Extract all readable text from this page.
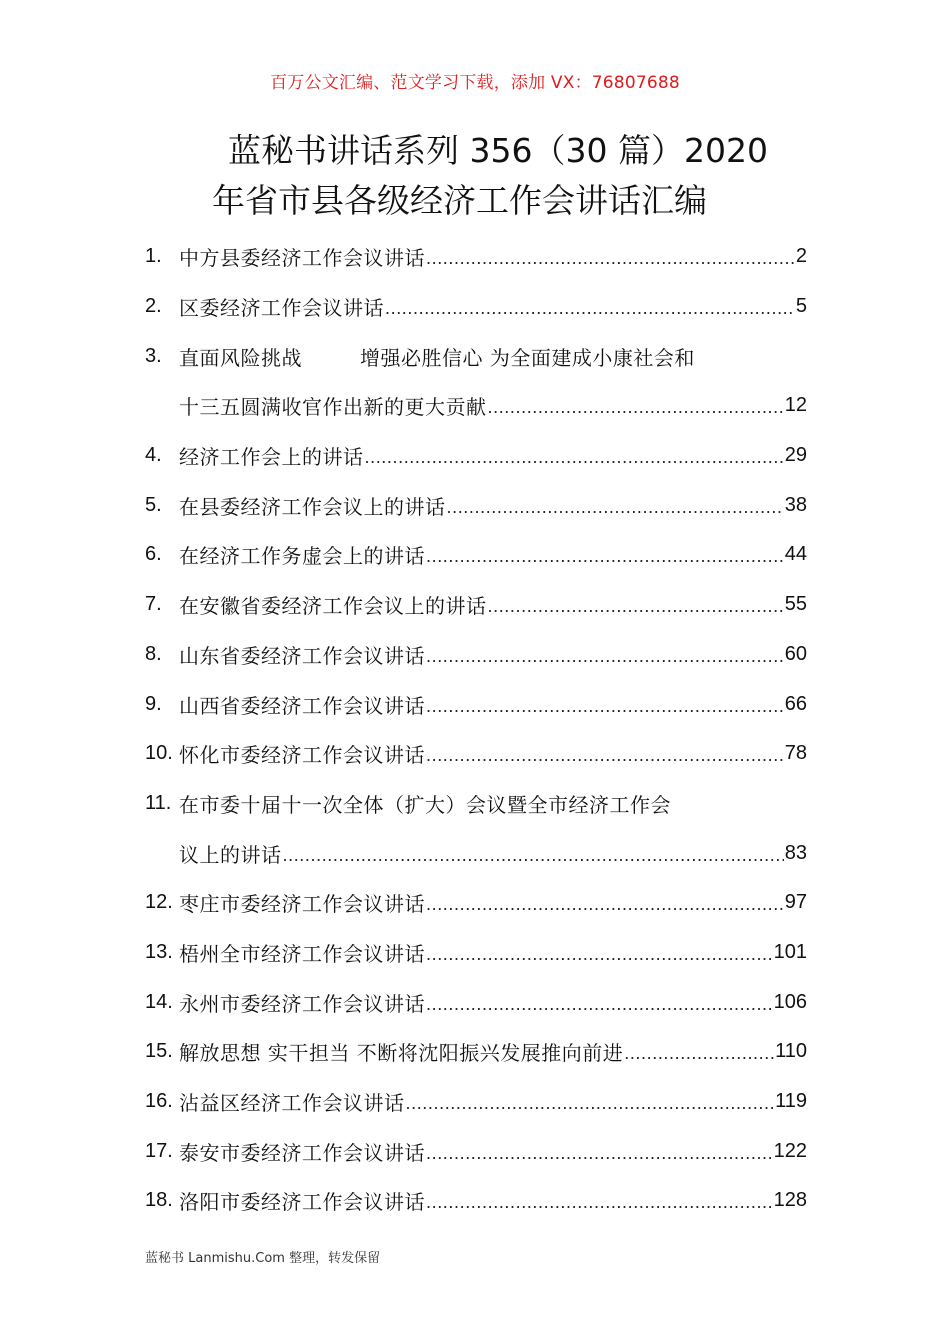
百万公文汇编、范文学习下载，添加 VX：76807688
蓝秘书讲话系列 356（30 篇）2020
年省市县各级经济工作会讲话汇编
1. 中方县委经济工作会议讲话 .....	2
2. 区委经济工作会议讲话 .....	5
3. 直面风险挑战	增强必胜信心 为全面建成小康社会和
十三五圆满收官作出新的更大贡献 .....	12
4. 经济工作会上的讲话 .....	29
5. 在县委经济工作会议上的讲话 .....	38
6. 在经济工作务虚会上的讲话 .....	44
7. 在安徽省委经济工作会议上的讲话 .....	55
8. 山东省委经济工作会议讲话 .....	60
9. 山西省委经济工作会议讲话 .....	66
10. 怀化市委经济工作会议讲话 .....	78
11. 在市委十届十一次全体（扩大）会议暨全市经济工作会
议上的讲话 .....	83
12. 枣庄市委经济工作会议讲话 .....	97
13. 梧州全市经济工作会议讲话 .....	101
14. 永州市委经济工作会议讲话 .....	106
15. 解放思想 实干担当 不断将沈阳振兴发展推向前进 .....	110
16. 沾益区经济工作会议讲话 .....	119
17. 泰安市委经济工作会议讲话 .....	122
18. 洛阳市委经济工作会议讲话 .....	128
蓝秘书 Lanmishu.Com 整理，转发保留
